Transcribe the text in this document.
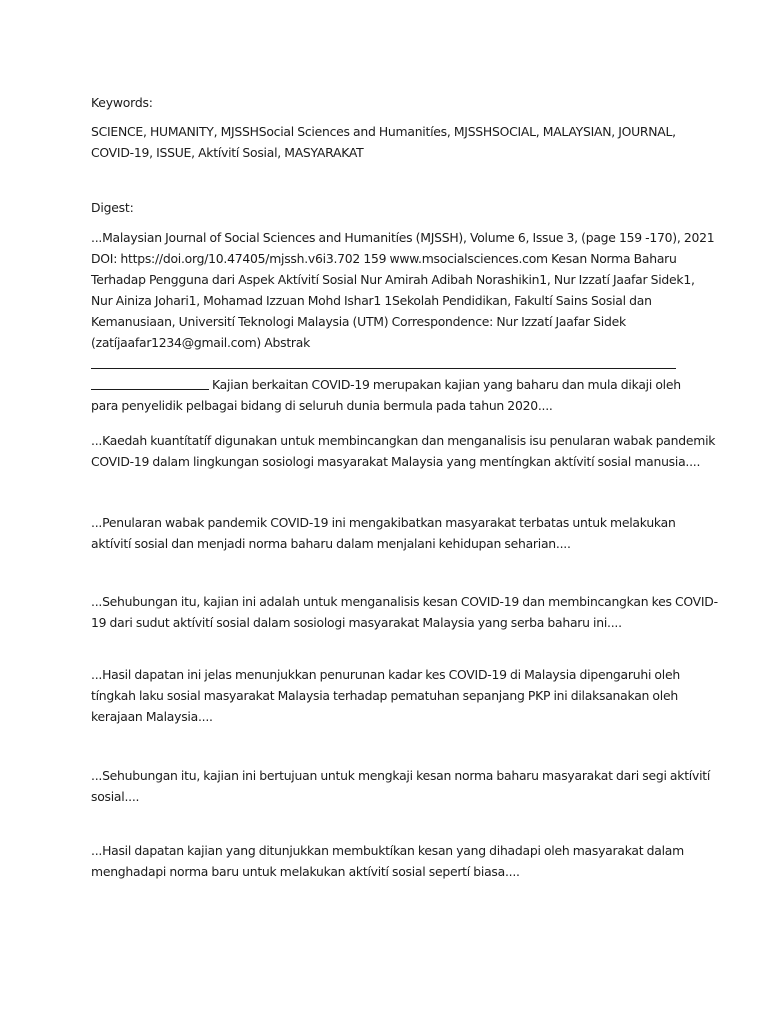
Keywords:
SCIENCE, HUMANITY, MJSSHSocial Sciences and Humanitíes, MJSSHSOCIAL, MALAYSIAN, JOURNAL,
COVID-19, ISSUE, Aktívití Sosial, MASYARAKAT
Digest:
...Malaysian Journal of Social Sciences and Humanitíes (MJSSH), Volume 6, Issue 3, (page 159 -170), 2021
DOI: https://doi.org/10.47405/mjssh.v6i3.702 159 www.msocialsciences.com Kesan Norma Baharu
Terhadap Pengguna dari Aspek Aktívití Sosial Nur Amirah Adibah Norashikin1, Nur Izzatí Jaafar Sidek1,
Nur Ainiza Johari1, Mohamad Izzuan Mohd Ishar1 1Sekolah Pendidikan, Fakultí Sains Sosial dan
Kemanusiaan, Universití Teknologi Malaysia (UTM) Correspondence: Nur Izzatí Jaafar Sidek
(zatíjaafar1234@gmail.com) Abstrak
Kajian berkaitan COVID-19 merupakan kajian yang baharu dan mula dikaji oleh
para penyelidik pelbagai bidang di seluruh dunia bermula pada tahun 2020....
...Kaedah kuantítatíf digunakan untuk membincangkan dan menganalisis isu penularan wabak pandemik
COVID-19 dalam lingkungan sosiologi masyarakat Malaysia yang mentíngkan aktívití sosial manusia....
...Penularan wabak pandemik COVID-19 ini mengakibatkan masyarakat terbatas untuk melakukan
aktívití sosial dan menjadi norma baharu dalam menjalani kehidupan seharian....
...Sehubungan itu, kajian ini adalah untuk menganalisis kesan COVID-19 dan membincangkan kes COVID-
19 dari sudut aktívití sosial dalam sosiologi masyarakat Malaysia yang serba baharu ini....
...Hasil dapatan ini jelas menunjukkan penurunan kadar kes COVID-19 di Malaysia dipengaruhi oleh
tíngkah laku sosial masyarakat Malaysia terhadap pematuhan sepanjang PKP ini dilaksanakan oleh
kerajaan Malaysia....
...Sehubungan itu, kajian ini bertujuan untuk mengkaji kesan norma baharu masyarakat dari segi aktívití
sosial....
...Hasil dapatan kajian yang ditunjukkan membuktíkan kesan yang dihadapi oleh masyarakat dalam
menghadapi norma baru untuk melakukan aktívití sosial sepertí biasa....
